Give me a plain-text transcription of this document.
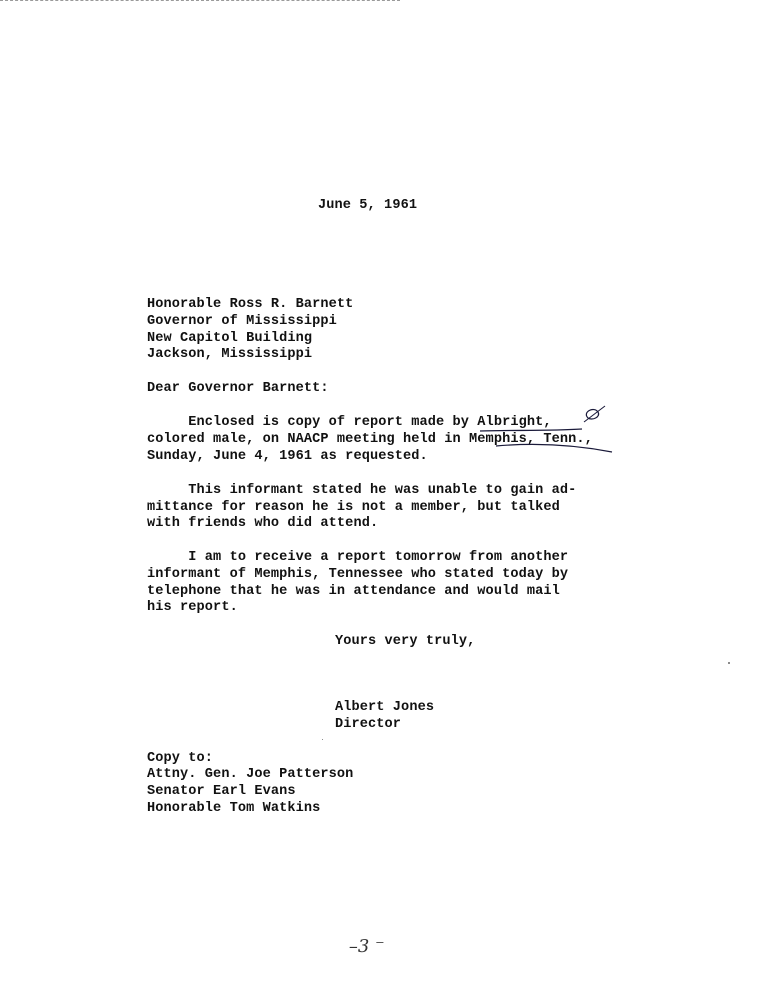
June 5, 1961
Honorable Ross R. Barnett
Governor of Mississippi
New Capitol Building
Jackson, Mississippi
Dear Governor Barnett:
Enclosed is copy of report made by Albright,
colored male, on NAACP meeting held in Memphis, Tenn.,
Sunday, June 4, 1961 as requested.
This informant stated he was unable to gain ad-
mittance for reason he is not a member, but talked
with friends who did attend.
I am to receive a report tomorrow from another
informant of Memphis, Tennessee who stated today by
telephone that he was in attendance and would mail
his report.
Yours very truly,
Albert Jones
Director
Copy to:
Attny. Gen. Joe Patterson
Senator Earl Evans
Honorable Tom Watkins

–3 ⁻
